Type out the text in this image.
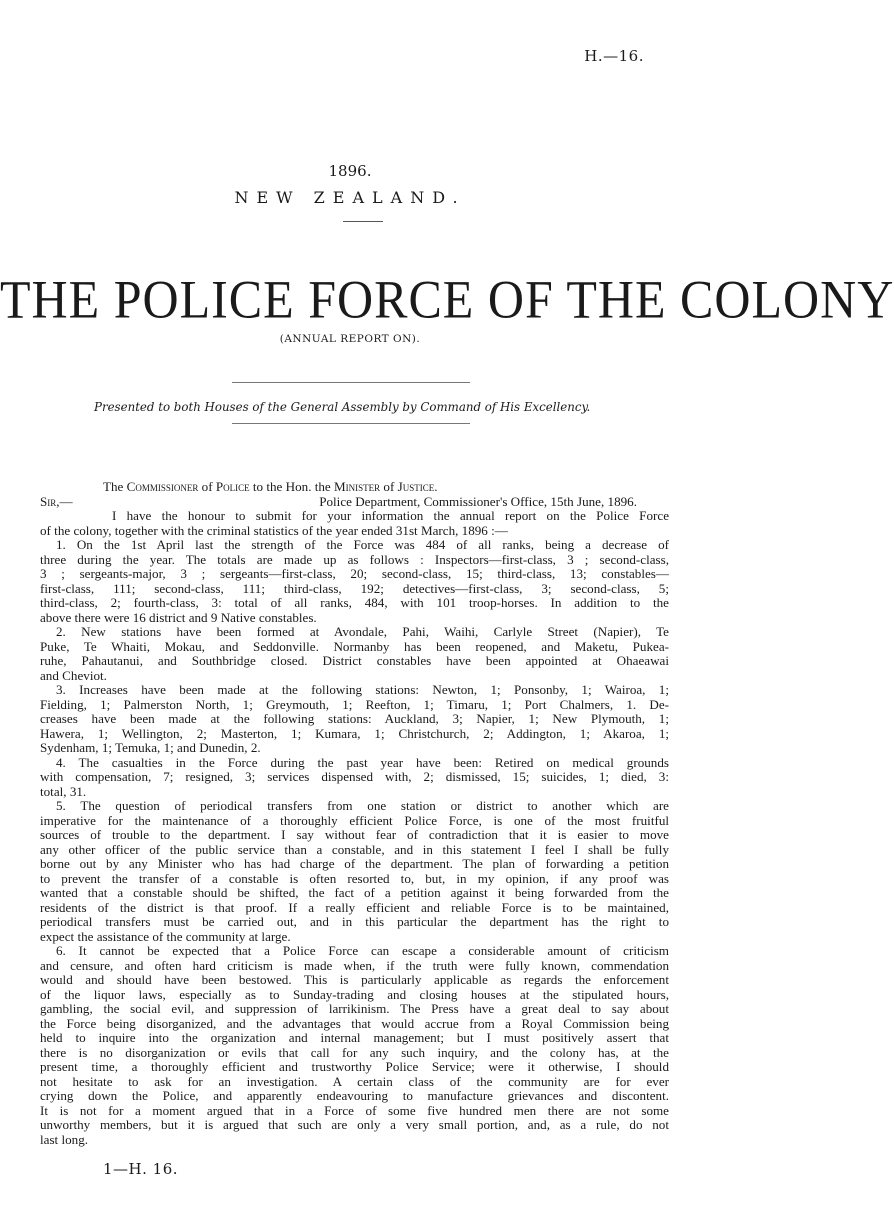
H.—16.
1896.
NEW ZEALAND.
THE POLICE FORCE OF THE COLONY
(ANNUAL REPORT ON).
Presented to both Houses of the General Assembly by Command of His Excellency.
The Commissioner of Police to the Hon. the Minister of Justice.
Sir,—	Police Department, Commissioner's Office, 15th June, 1896.
I have the honour to submit for your information the annual report on the Police Force
of the colony, together with the criminal statistics of the year ended 31st March, 1896 :—
1. On the 1st April last the strength of the Force was 484 of all ranks, being a decrease of
three during the year. The totals are made up as follows : Inspectors—first-class, 3 ; second-class,
3 ; sergeants-major, 3 ; sergeants—first-class, 20; second-class, 15; third-class, 13; constables—
first-class, 111; second-class, 111; third-class, 192; detectives—first-class, 3; second-class, 5;
third-class, 2; fourth-class, 3: total of all ranks, 484, with 101 troop-horses. In addition to the
above there were 16 district and 9 Native constables.
2. New stations have been formed at Avondale, Pahi, Waihi, Carlyle Street (Napier), Te
Puke, Te Whaiti, Mokau, and Seddonville. Normanby has been reopened, and Maketu, Pukea-
ruhe, Pahautanui, and Southbridge closed. District constables have been appointed at Ohaeawai
and Cheviot.
3. Increases have been made at the following stations: Newton, 1; Ponsonby, 1; Wairoa, 1;
Fielding, 1; Palmerston North, 1; Greymouth, 1; Reefton, 1; Timaru, 1; Port Chalmers, 1. De-
creases have been made at the following stations: Auckland, 3; Napier, 1; New Plymouth, 1;
Hawera, 1; Wellington, 2; Masterton, 1; Kumara, 1; Christchurch, 2; Addington, 1; Akaroa, 1;
Sydenham, 1; Temuka, 1; and Dunedin, 2.
4. The casualties in the Force during the past year have been: Retired on medical grounds
with compensation, 7; resigned, 3; services dispensed with, 2; dismissed, 15; suicides, 1; died, 3:
total, 31.
5. The question of periodical transfers from one station or district to another which are
imperative for the maintenance of a thoroughly efficient Police Force, is one of the most fruitful
sources of trouble to the department. I say without fear of contradiction that it is easier to move
any other officer of the public service than a constable, and in this statement I feel I shall be fully
borne out by any Minister who has had charge of the department. The plan of forwarding a petition
to prevent the transfer of a constable is often resorted to, but, in my opinion, if any proof was
wanted that a constable should be shifted, the fact of a petition against it being forwarded from the
residents of the district is that proof. If a really efficient and reliable Force is to be maintained,
periodical transfers must be carried out, and in this particular the department has the right to
expect the assistance of the community at large.
6. It cannot be expected that a Police Force can escape a considerable amount of criticism
and censure, and often hard criticism is made when, if the truth were fully known, commendation
would and should have been bestowed. This is particularly applicable as regards the enforcement
of the liquor laws, especially as to Sunday-trading and closing houses at the stipulated hours,
gambling, the social evil, and suppression of larrikinism. The Press have a great deal to say about
the Force being disorganized, and the advantages that would accrue from a Royal Commission being
held to inquire into the organization and internal management; but I must positively assert that
there is no disorganization or evils that call for any such inquiry, and the colony has, at the
present time, a thoroughly efficient and trustworthy Police Service; were it otherwise, I should
not hesitate to ask for an investigation. A certain class of the community are for ever
crying down the Police, and apparently endeavouring to manufacture grievances and discontent.
It is not for a moment argued that in a Force of some five hundred men there are not some
unworthy members, but it is argued that such are only a very small portion, and, as a rule, do not
last long.
1—H. 16.
